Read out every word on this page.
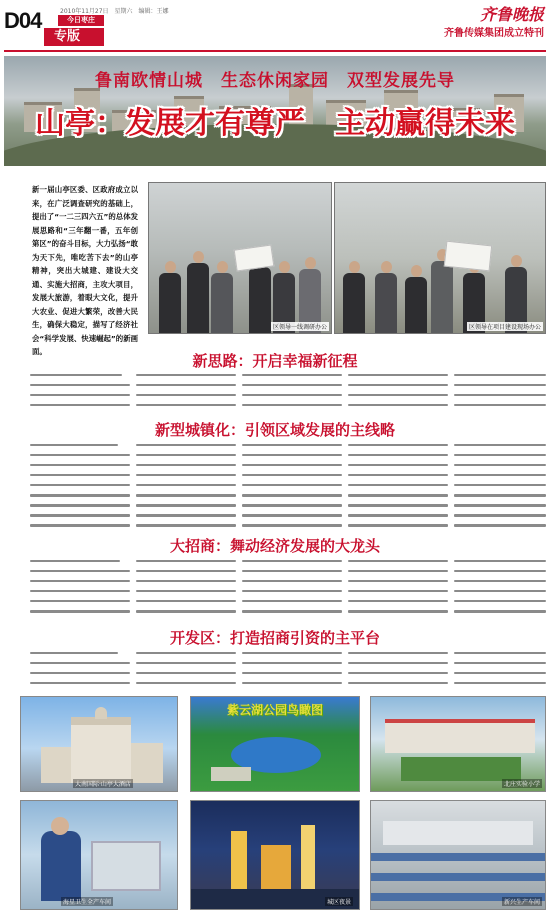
D04	2010年11月27日　星期六　编辑：王娜
今日枣庄
专版
齐鲁晚报
齐鲁传媒集团成立特刊
鲁南欧情山城　生态休闲家园　双型发展先导
山亭：发展才有尊严　主动赢得未来
新一届山亭区委、区政府成立以来，在广泛调查研究的基础上，提出了“一二三四六五”的总体发展思路和“三年翻一番，五年创第区”的奋斗目标，大力弘扬“敢为天下先，唯吃苦下去”的山亭精神，突出大城建、建设大交通、实施大招商，主攻大项目，发展大旅游，着眼大文化，提升大农业、促进大繁荣，改善大民生，确保大稳定，描写了经济社会“科学发展、快速崛起”的新画面。
区领导一线调研办公	区领导在项目建设现场办公
新思路：开启幸福新征程
新型城镇化：引领区域发展的主线略
大招商：舞动经济发展的大龙头
开发区：打造招商引资的主平台
大南国际·山亭大酒店
紫云湖公园鸟瞰图
北庄实验小学
海星卫生全产车间	城区夜景	新兴生产车间
